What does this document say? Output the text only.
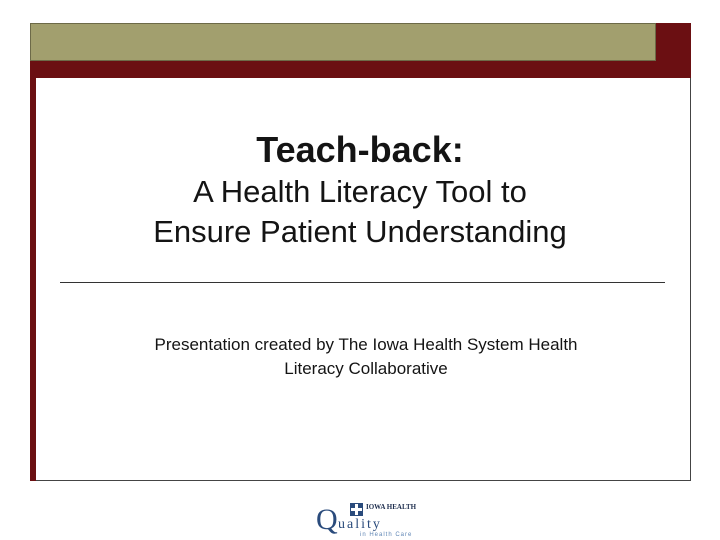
Teach-back:
A Health Literacy Tool to
Ensure Patient Understanding
Presentation created by The Iowa Health System Health
Literacy Collaborative
Q uality
IOWA HEALTH
in Health Care
